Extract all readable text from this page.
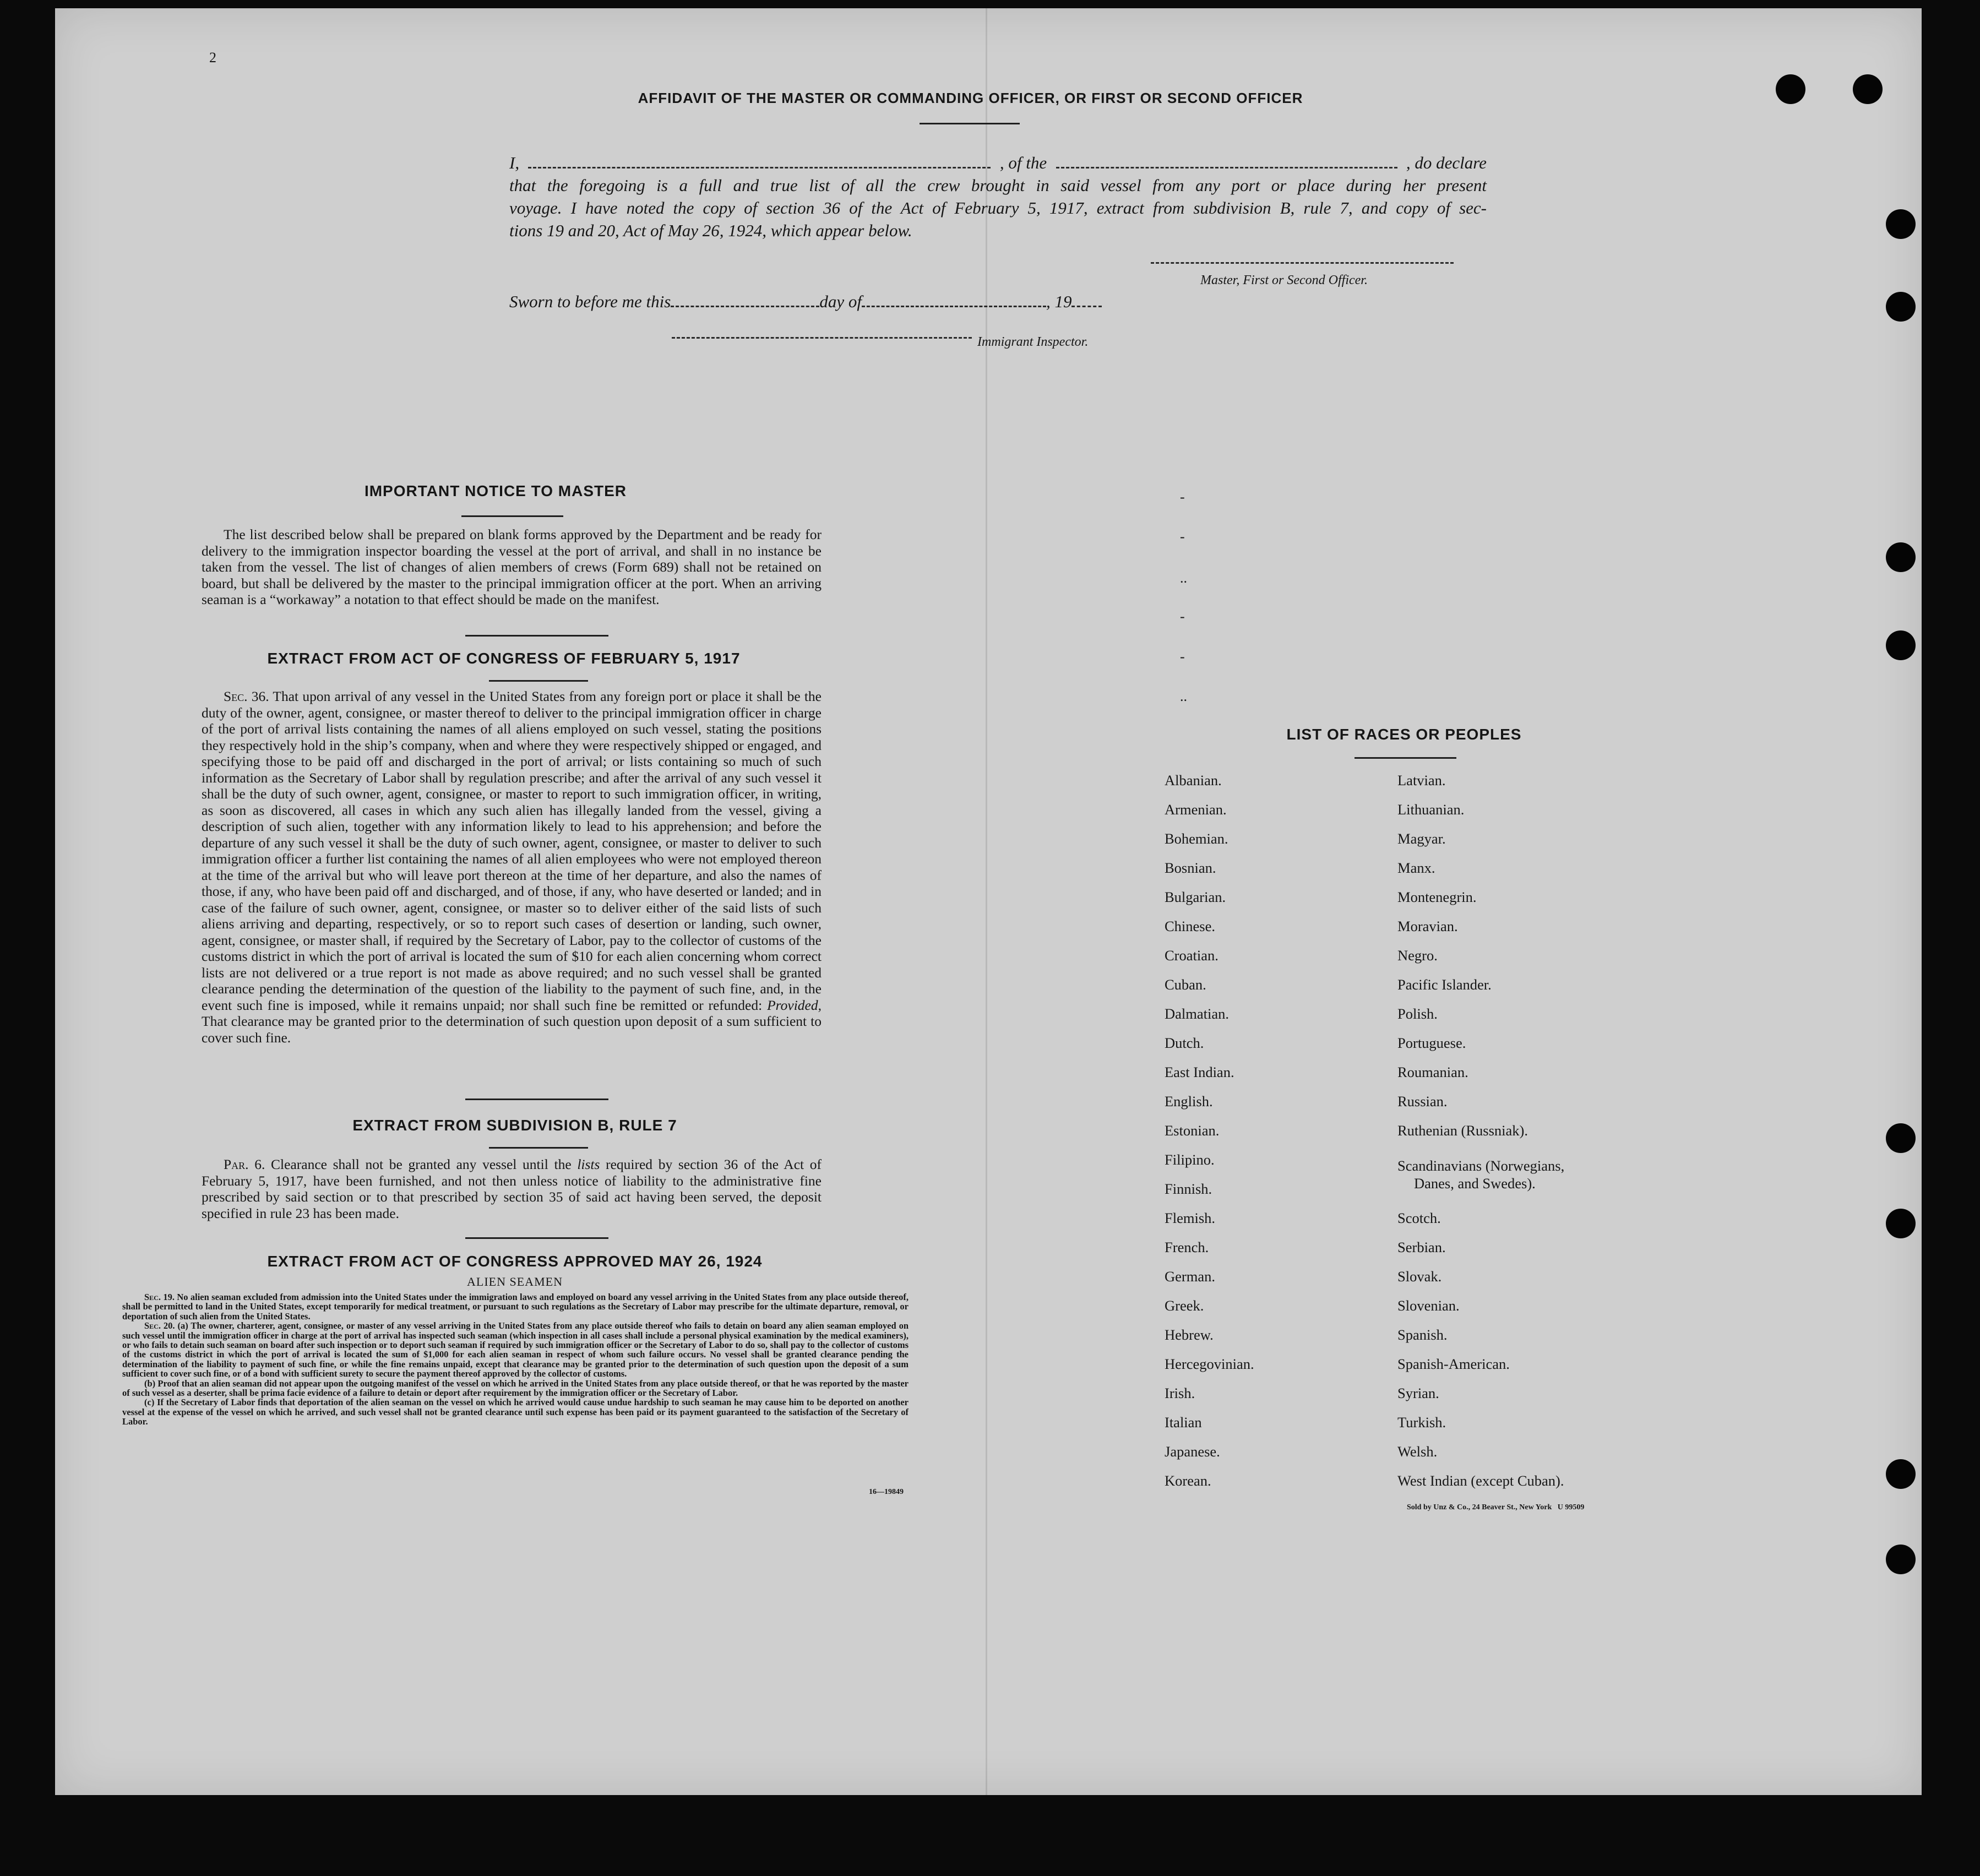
2
AFFIDAVIT OF THE MASTER OR COMMANDING OFFICER, OR FIRST OR SECOND OFFICER
I,	, of the	, do declare
that the foregoing is a full and true list of all the crew brought in said vessel from any port or place during her present
voyage. I have noted the copy of section 36 of the Act of February 5, 1917, extract from subdivision B, rule 7, and copy of sec-
tions 19 and 20, Act of May 26, 1924, which appear below.
Master, First or Second Officer.
Sworn to before me this	day of	, 19
Immigrant Inspector.
IMPORTANT NOTICE TO MASTER
The list described below shall be prepared on blank forms approved by the Department and be ready for delivery to the immigration inspector boarding the vessel at the port of arrival, and shall in no instance be taken from the vessel. The list of changes of alien members of crews (Form 689) shall not be retained on board, but shall be delivered by the master to the principal immigration officer at the port. When an arriving seaman is a “workaway” a notation to that effect should be made on the manifest.
EXTRACT FROM ACT OF CONGRESS OF FEBRUARY 5, 1917
Sec. 36. That upon arrival of any vessel in the United States from any foreign port or place it shall be the duty of the owner, agent, consignee, or master thereof to deliver to the principal immigration officer in charge of the port of arrival lists containing the names of all aliens employed on such vessel, stating the positions they respectively hold in the ship’s company, when and where they were respectively shipped or engaged, and specifying those to be paid off and discharged in the port of arrival; or lists containing so much of such information as the Secretary of Labor shall by regulation prescribe; and after the arrival of any such vessel it shall be the duty of such owner, agent, consignee, or master to report to such immigration officer, in writing, as soon as discovered, all cases in which any such alien has illegally landed from the vessel, giving a description of such alien, together with any information likely to lead to his apprehension; and before the departure of any such vessel it shall be the duty of such owner, agent, consignee, or master to deliver to such immigration officer a further list containing the names of all alien employees who were not employed thereon at the time of the arrival but who will leave port thereon at the time of her departure, and also the names of those, if any, who have been paid off and discharged, and of those, if any, who have deserted or landed; and in case of the failure of such owner, agent, consignee, or master so to deliver either of the said lists of such aliens arriving and departing, respectively, or so to report such cases of desertion or landing, such owner, agent, consignee, or master shall, if required by the Secretary of Labor, pay to the collector of customs of the customs district in which the port of arrival is located the sum of $10 for each alien concerning whom correct lists are not delivered or a true report is not made as above required; and no such vessel shall be granted clearance pending the determination of the question of the liability to the payment of such fine, and, in the event such fine is imposed, while it remains unpaid; nor shall such fine be remitted or refunded: Provided, That clearance may be granted prior to the determination of such question upon deposit of a sum sufficient to cover such fine.
EXTRACT FROM SUBDIVISION B, RULE 7
Par. 6. Clearance shall not be granted any vessel until the lists required by section 36 of the Act of February 5, 1917, have been furnished, and not then unless notice of liability to the administrative fine prescribed by said section or to that prescribed by section 35 of said act having been served, the deposit specified in rule 23 has been made.
EXTRACT FROM ACT OF CONGRESS APPROVED MAY 26, 1924
ALIEN SEAMEN
Sec. 19. No alien seaman excluded from admission into the United States under the immigration laws and employed on board any vessel arriving in the United States from any place outside thereof, shall be permitted to land in the United States, except temporarily for medical treatment, or pursuant to such regulations as the Secretary of Labor may prescribe for the ultimate departure, removal, or deportation of such alien from the United States.
Sec. 20. (a) The owner, charterer, agent, consignee, or master of any vessel arriving in the United States from any place outside thereof who fails to detain on board any alien seaman employed on such vessel until the immigration officer in charge at the port of arrival has inspected such seaman (which inspection in all cases shall include a personal physical examination by the medical examiners), or who fails to detain such seaman on board after such inspection or to deport such seaman if required by such immigration officer or the Secretary of Labor to do so, shall pay to the collector of customs of the customs district in which the port of arrival is located the sum of $1,000 for each alien seaman in respect of whom such failure occurs. No vessel shall be granted clearance pending the determination of the liability to payment of such fine, or while the fine remains unpaid, except that clearance may be granted prior to the determination of such question upon the deposit of a sum sufficient to cover such fine, or of a bond with sufficient surety to secure the payment thereof approved by the collector of customs.
(b) Proof that an alien seaman did not appear upon the outgoing manifest of the vessel on which he arrived in the United States from any place outside thereof, or that he was reported by the master of such vessel as a deserter, shall be prima facie evidence of a failure to detain or deport after requirement by the immigration officer or the Secretary of Labor.
(c) If the Secretary of Labor finds that deportation of the alien seaman on the vessel on which he arrived would cause undue hardship to such seaman he may cause him to be deported on another vessel at the expense of the vessel on which he arrived, and such vessel shall not be granted clearance until such expense has been paid or its payment guaranteed to the satisfaction of the Secretary of Labor.
16—19849
LIST OF RACES OR PEOPLES
Albanian.
Armenian.
Bohemian.
Bosnian.
Bulgarian.
Chinese.
Croatian.
Cuban.
Dalmatian.
Dutch.
East Indian.
English.
Estonian.
Filipino.
Finnish.
Flemish.
French.
German.
Greek.
Hebrew.
Hercegovinian.
Irish.
Italian
Japanese.
Korean.
Latvian.
Lithuanian.
Magyar.
Manx.
Montenegrin.
Moravian.
Negro.
Pacific Islander.
Polish.
Portuguese.
Roumanian.
Russian.
Ruthenian (Russniak).
Scandinavians (Norwegians,
Danes, and Swedes).
Scotch.
Serbian.
Slovak.
Slovenian.
Spanish.
Spanish-American.
Syrian.
Turkish.
Welsh.
West Indian (except Cuban).
Sold by Unz & Co., 24 Beaver St., New York   U 99509
-
-
..
-
-
..
